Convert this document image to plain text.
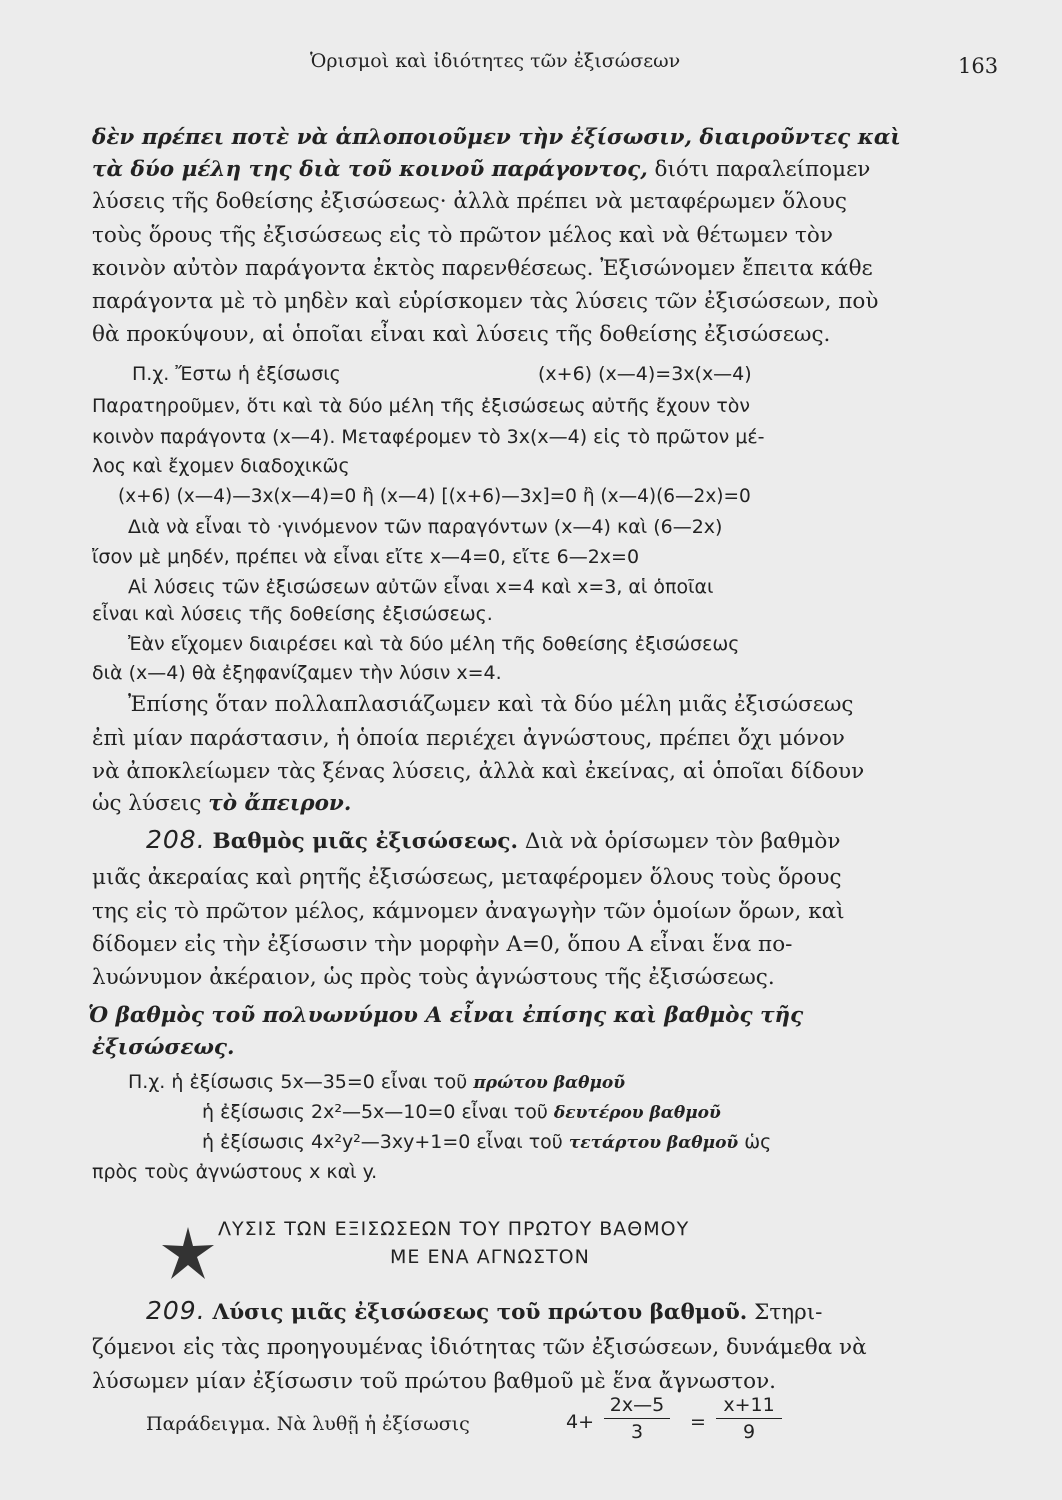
Ὁρισμοὶ καὶ ἰδιότητες τῶν ἐξισώσεων	163
δὲν πρέπει ποτὲ νὰ ἁπλοποιοῦμεν τὴν ἐξίσωσιν, διαιροῦντες καὶ
τὰ δύο μέλη της διὰ τοῦ κοινοῦ παράγοντος, διότι παραλείπομεν
λύσεις τῆς δοθείσης ἐξισώσεως· ἀλλὰ πρέπει νὰ μεταφέρωμεν ὅλους
τοὺς ὅρους τῆς ἐξισώσεως εἰς τὸ πρῶτον μέλος καὶ νὰ θέτωμεν τὸν
κοινὸν αὐτὸν παράγοντα ἐκτὸς παρενθέσεως. Ἐξισώνομεν ἔπειτα κάθε
παράγοντα μὲ τὸ μηδὲν καὶ εὑρίσκομεν τὰς λύσεις τῶν ἐξισώσεων, ποὺ
θὰ προκύψουν, αἱ ὁποῖαι εἶναι καὶ λύσεις τῆς δοθείσης ἐξισώσεως.
Π.χ. Ἔστω ἡ ἐξίσωσις	(x+6) (x—4)=3x(x—4)
Παρατηροῦμεν, ὅτι καὶ τὰ δύο μέλη τῆς ἐξισώσεως αὐτῆς ἔχουν τὸν
κοινὸν παράγοντα (x—4). Μεταφέρομεν τὸ 3x(x—4) εἰς τὸ πρῶτον μέ-
λος καὶ ἔχομεν διαδοχικῶς
(x+6) (x—4)—3x(x—4)=0 ἢ (x—4) [(x+6)—3x]=0 ἢ (x—4)(6—2x)=0
Διὰ νὰ εἶναι τὸ ·γινόμενον τῶν παραγόντων (x—4) καὶ (6—2x)
ἴσον μὲ μηδέν, πρέπει νὰ εἶναι εἴτε x—4=0, εἴτε 6—2x=0
Αἱ λύσεις τῶν ἐξισώσεων αὐτῶν εἶναι x=4 καὶ x=3, αἱ ὁποῖαι
εἶναι καὶ λύσεις τῆς δοθείσης ἐξισώσεως.
Ἐὰν εἴχομεν διαιρέσει καὶ τὰ δύο μέλη τῆς δοθείσης ἐξισώσεως
διὰ (x—4) θὰ ἐξηφανίζαμεν τὴν λύσιν x=4.
Ἐπίσης ὅταν πολλαπλασιάζωμεν καὶ τὰ δύο μέλη μιᾶς ἐξισώσεως
ἐπὶ μίαν παράστασιν, ἡ ὁποία περιέχει ἀγνώστους, πρέπει ὄχι μόνον
νὰ ἀποκλείωμεν τὰς ξένας λύσεις, ἀλλὰ καὶ ἐκείνας, αἱ ὁποῖαι δίδουν
ὡς λύσεις τὸ ἄπειρον.
208. Βαθμὸς μιᾶς ἐξισώσεως. Διὰ νὰ ὁρίσωμεν τὸν βαθμὸν
μιᾶς ἀκεραίας καὶ ρητῆς ἐξισώσεως, μεταφέρομεν ὅλους τοὺς ὅρους
της εἰς τὸ πρῶτον μέλος, κάμνομεν ἀναγωγὴν τῶν ὁμοίων ὅρων, καὶ
δίδομεν εἰς τὴν ἐξίσωσιν τὴν μορφὴν A=0, ὅπου A εἶναι ἕνα πο-
λυώνυμον ἀκέραιον, ὡς πρὸς τοὺς ἀγνώστους τῆς ἐξισώσεως.
Ὁ βαθμὸς τοῦ πολυωνύμου A εἶναι ἐπίσης καὶ βαθμὸς τῆς
ἐξισώσεως.
Π.χ. ἡ ἐξίσωσις 5x—35=0 εἶναι τοῦ πρώτου βαθμοῦ
ἡ ἐξίσωσις 2x²—5x—10=0 εἶναι τοῦ δευτέρου βαθμοῦ
ἡ ἐξίσωσις 4x²y²—3xy+1=0 εἶναι τοῦ τετάρτου βαθμοῦ ὡς
πρὸς τοὺς ἀγνώστους x καὶ y.
ΛΥΣΙΣ ΤΩΝ ΕΞΙΣΩΣΕΩΝ ΤΟΥ ΠΡΩΤΟΥ ΒΑΘΜΟΥ
ΜΕ ΕΝΑ ΑΓΝΩΣΤΟΝ
209. Λύσις μιᾶς ἐξισώσεως τοῦ πρώτου βαθμοῦ. Στηρι-
ζόμενοι εἰς τὰς προηγουμένας ἰδιότητας τῶν ἐξισώσεων, δυνάμεθα νὰ
λύσωμεν μίαν ἐξίσωσιν τοῦ πρώτου βαθμοῦ μὲ ἕνα ἄγνωστον.
Παράδειγμα. Νὰ λυθῇ ἡ ἐξίσωσις	4+
2x—5
3	=
x+11
9
